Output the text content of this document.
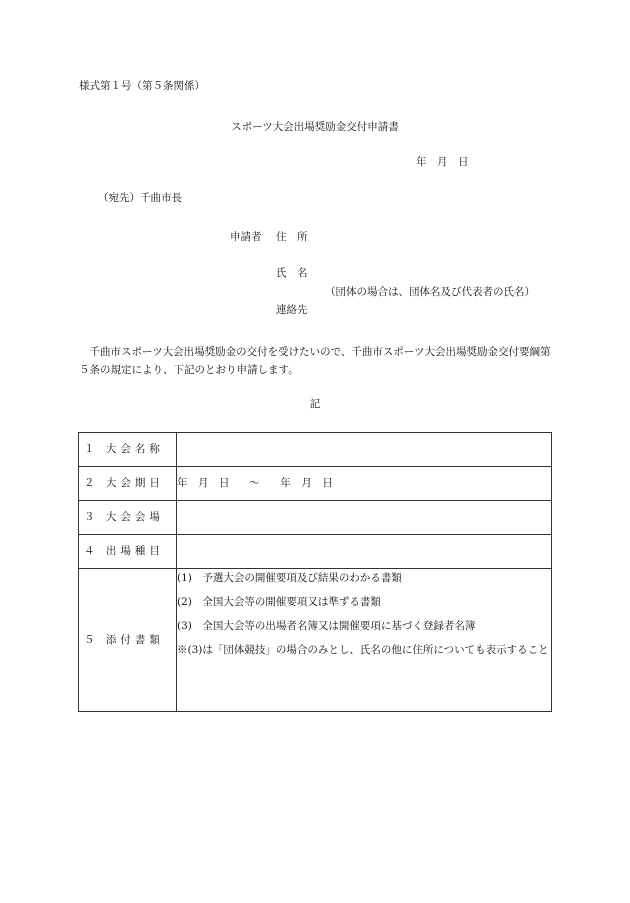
様式第１号（第５条関係）
スポーツ大会出場奨励金交付申請書
年　月　日
（宛先）千曲市長
申請者 住　所
氏　名
（団体の場合は、団体名及び代表者の氏名）
連絡先
千曲市スポーツ大会出場奨励金の交付を受けたいので、千曲市スポーツ大会出場奨励金交付要綱第５条の規定により、下記のとおり申請します。
記
１ 大会名称	
２ 大会期日	年　月　日 〜　　年　月　日
３ 大会会場	
４ 出場種目	
５ 添付書類	(1)　予選大会の開催要項及び結果のわかる書類
(2)　全国大会等の開催要項又は準ずる書類
(3)　全国大会等の出場者名簿又は開催要項に基づく登録者名簿
※(3)は「団体競技」の場合のみとし、氏名の他に住所についても表示すること
